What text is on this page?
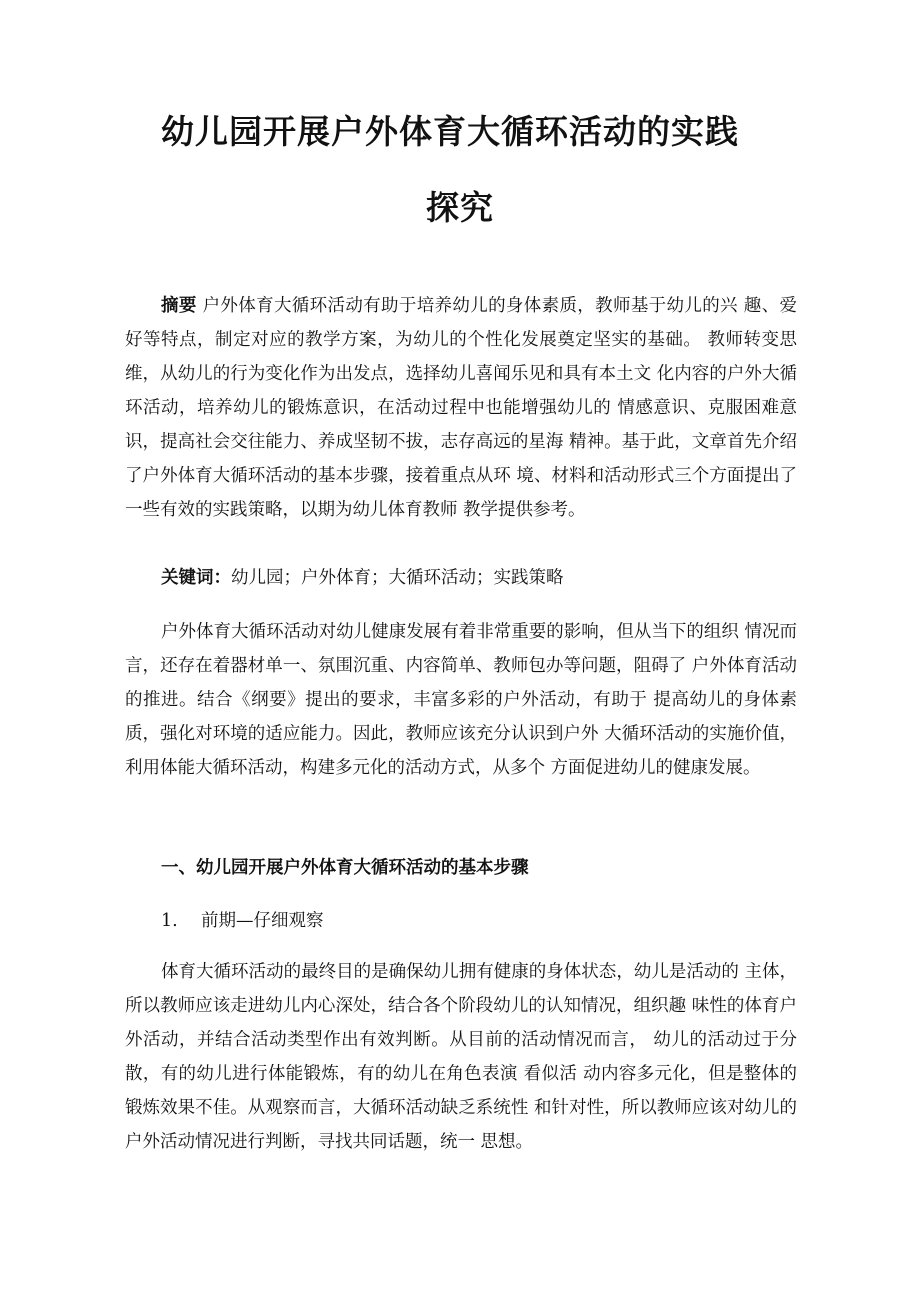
幼儿园开展户外体育大循环活动的实践
探究

摘要 户外体育大循环活动有助于培养幼儿的身体素质，教师基于幼儿的兴 趣、爱好等特点，制定对应的教学方案，为幼儿的个性化发展奠定坚实的基础。 教师转变思维，从幼儿的行为变化作为出发点，选择幼儿喜闻乐见和具有本土文 化内容的户外大循环活动，培养幼儿的锻炼意识，在活动过程中也能增强幼儿的 情感意识、克服困难意识，提高社会交往能力、养成坚韧不拔，志存高远的星海 精神。基于此，文章首先介绍了户外体育大循环活动的基本步骤，接着重点从环 境、材料和活动形式三个方面提出了一些有效的实践策略，以期为幼儿体育教师 教学提供参考。

关键词：幼儿园；户外体育；大循环活动；实践策略

户外体育大循环活动对幼儿健康发展有着非常重要的影响，但从当下的组织 情况而言，还存在着器材单一、氛围沉重、内容简单、教师包办等问题，阻碍了 户外体育活动的推进。结合《纲要》提出的要求，丰富多彩的户外活动，有助于 提高幼儿的身体素质，强化对环境的适应能力。因此，教师应该充分认识到户外 大循环活动的实施价值，利用体能大循环活动，构建多元化的活动方式，从多个 方面促进幼儿的健康发展。

一、幼儿园开展户外体育大循环活动的基本步骤

1. 前期—仔细观察

体育大循环活动的最终目的是确保幼儿拥有健康的身体状态，幼儿是活动的 主体，所以教师应该走进幼儿内心深处，结合各个阶段幼儿的认知情况，组织趣 味性的体育户外活动，并结合活动类型作出有效判断。从目前的活动情况而言， 幼儿的活动过于分散，有的幼儿进行体能锻炼，有的幼儿在角色表演 看似活 动内容多元化，但是整体的锻炼效果不佳。从观察而言，大循环活动缺乏系统性 和针对性，所以教师应该对幼儿的户外活动情况进行判断，寻找共同话题，统一 思想。
